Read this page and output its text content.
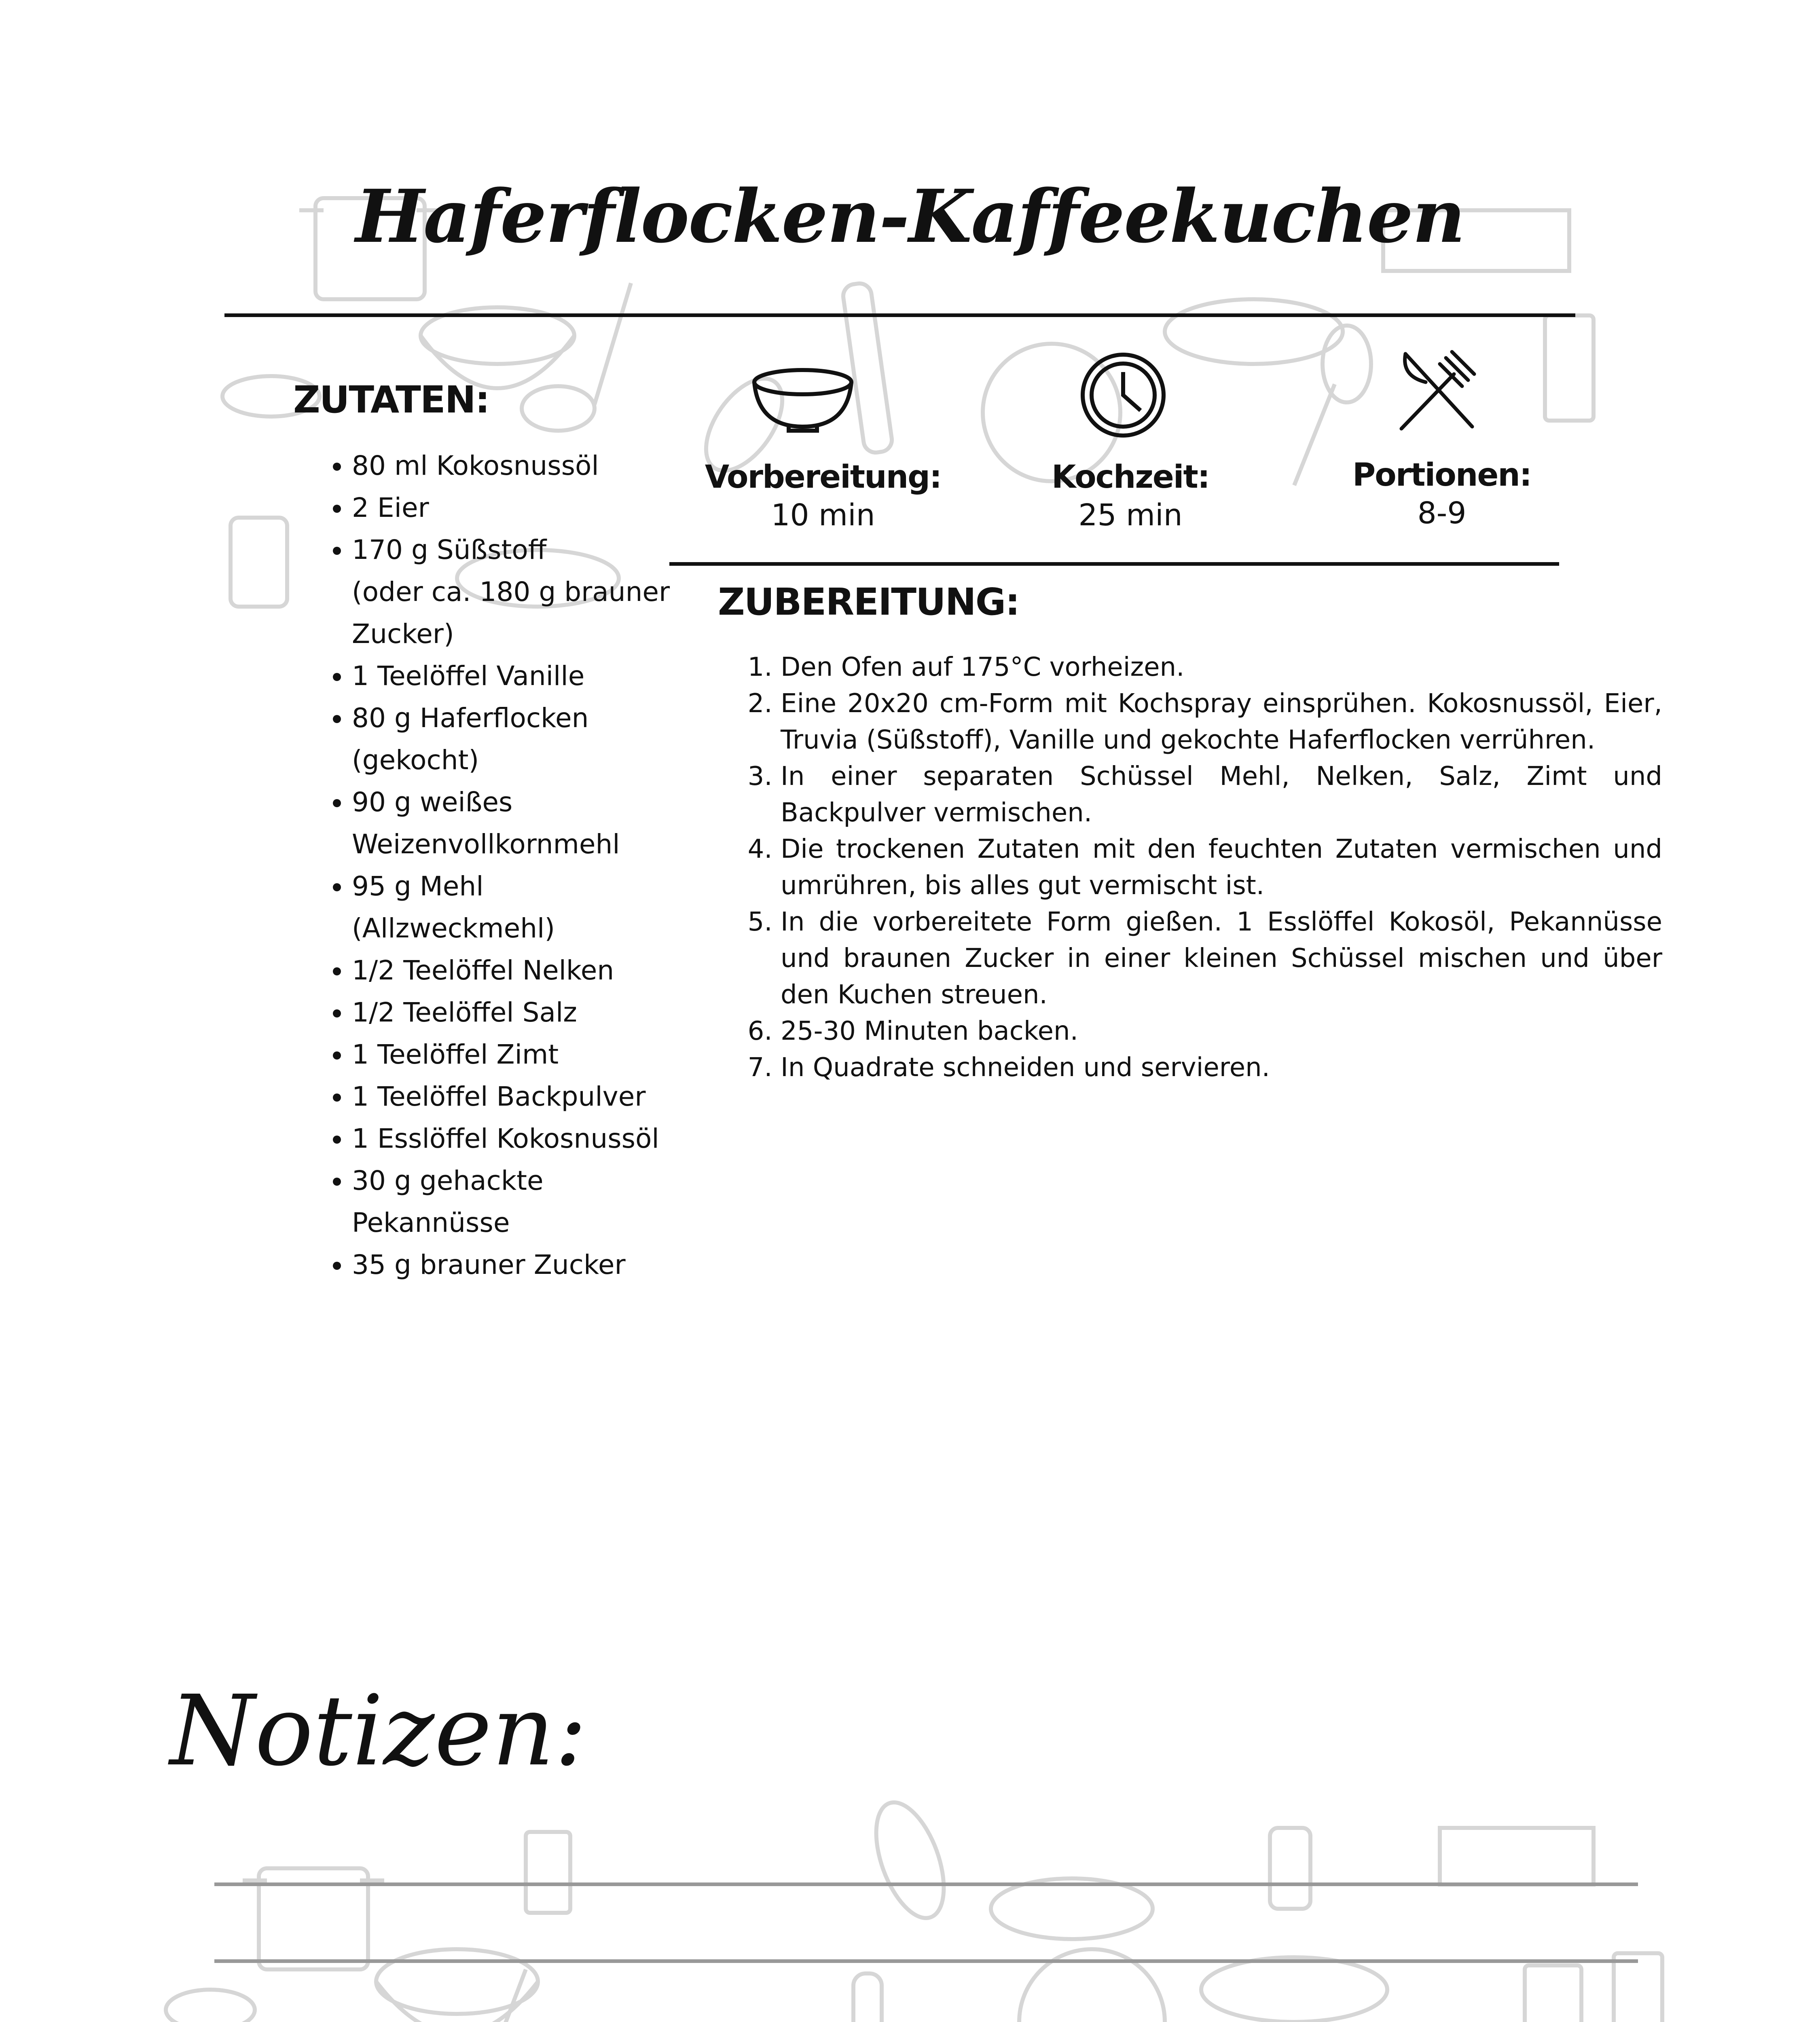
Haferflocken-Kaffeekuchen
ZUTATEN:
• 80 ml Kokosnussöl
• 2 Eier
• 170 g Süßstoff
(oder ca. 180 g brauner
Zucker)
• 1 Teelöffel Vanille
• 80 g Haferflocken
(gekocht)
• 90 g weißes
Weizenvollkornmehl
• 95 g Mehl
(Allzweckmehl)
• 1/2 Teelöffel Nelken
• 1/2 Teelöffel Salz
• 1 Teelöffel Zimt
• 1 Teelöffel Backpulver
• 1 Esslöffel Kokosnussöl
• 30 g gehackte
Pekannüsse
• 35 g brauner Zucker
Vorbereitung:
10 min
Kochzeit:
25 min
Portionen:
8-9
ZUBEREITUNG:
1. Den Ofen auf 175°C vorheizen.
2. Eine 20x20 cm-Form mit Kochspray einsprühen. Kokosnussöl, Eier, Truvia (Süßstoff), Vanille und gekochte Haferflocken verrühren.
3. In einer separaten Schüssel Mehl, Nelken, Salz, Zimt und Backpulver vermischen.
4. Die trockenen Zutaten mit den feuchten Zutaten vermischen und umrühren, bis alles gut vermischt ist.
5. In die vorbereitete Form gießen. 1 Esslöffel Kokosöl, Pekannüsse und braunen Zucker in einer kleinen Schüssel mischen und über den Kuchen streuen.
6. 25-30 Minuten backen.
7. In Quadrate schneiden und servieren.
Notizen:
